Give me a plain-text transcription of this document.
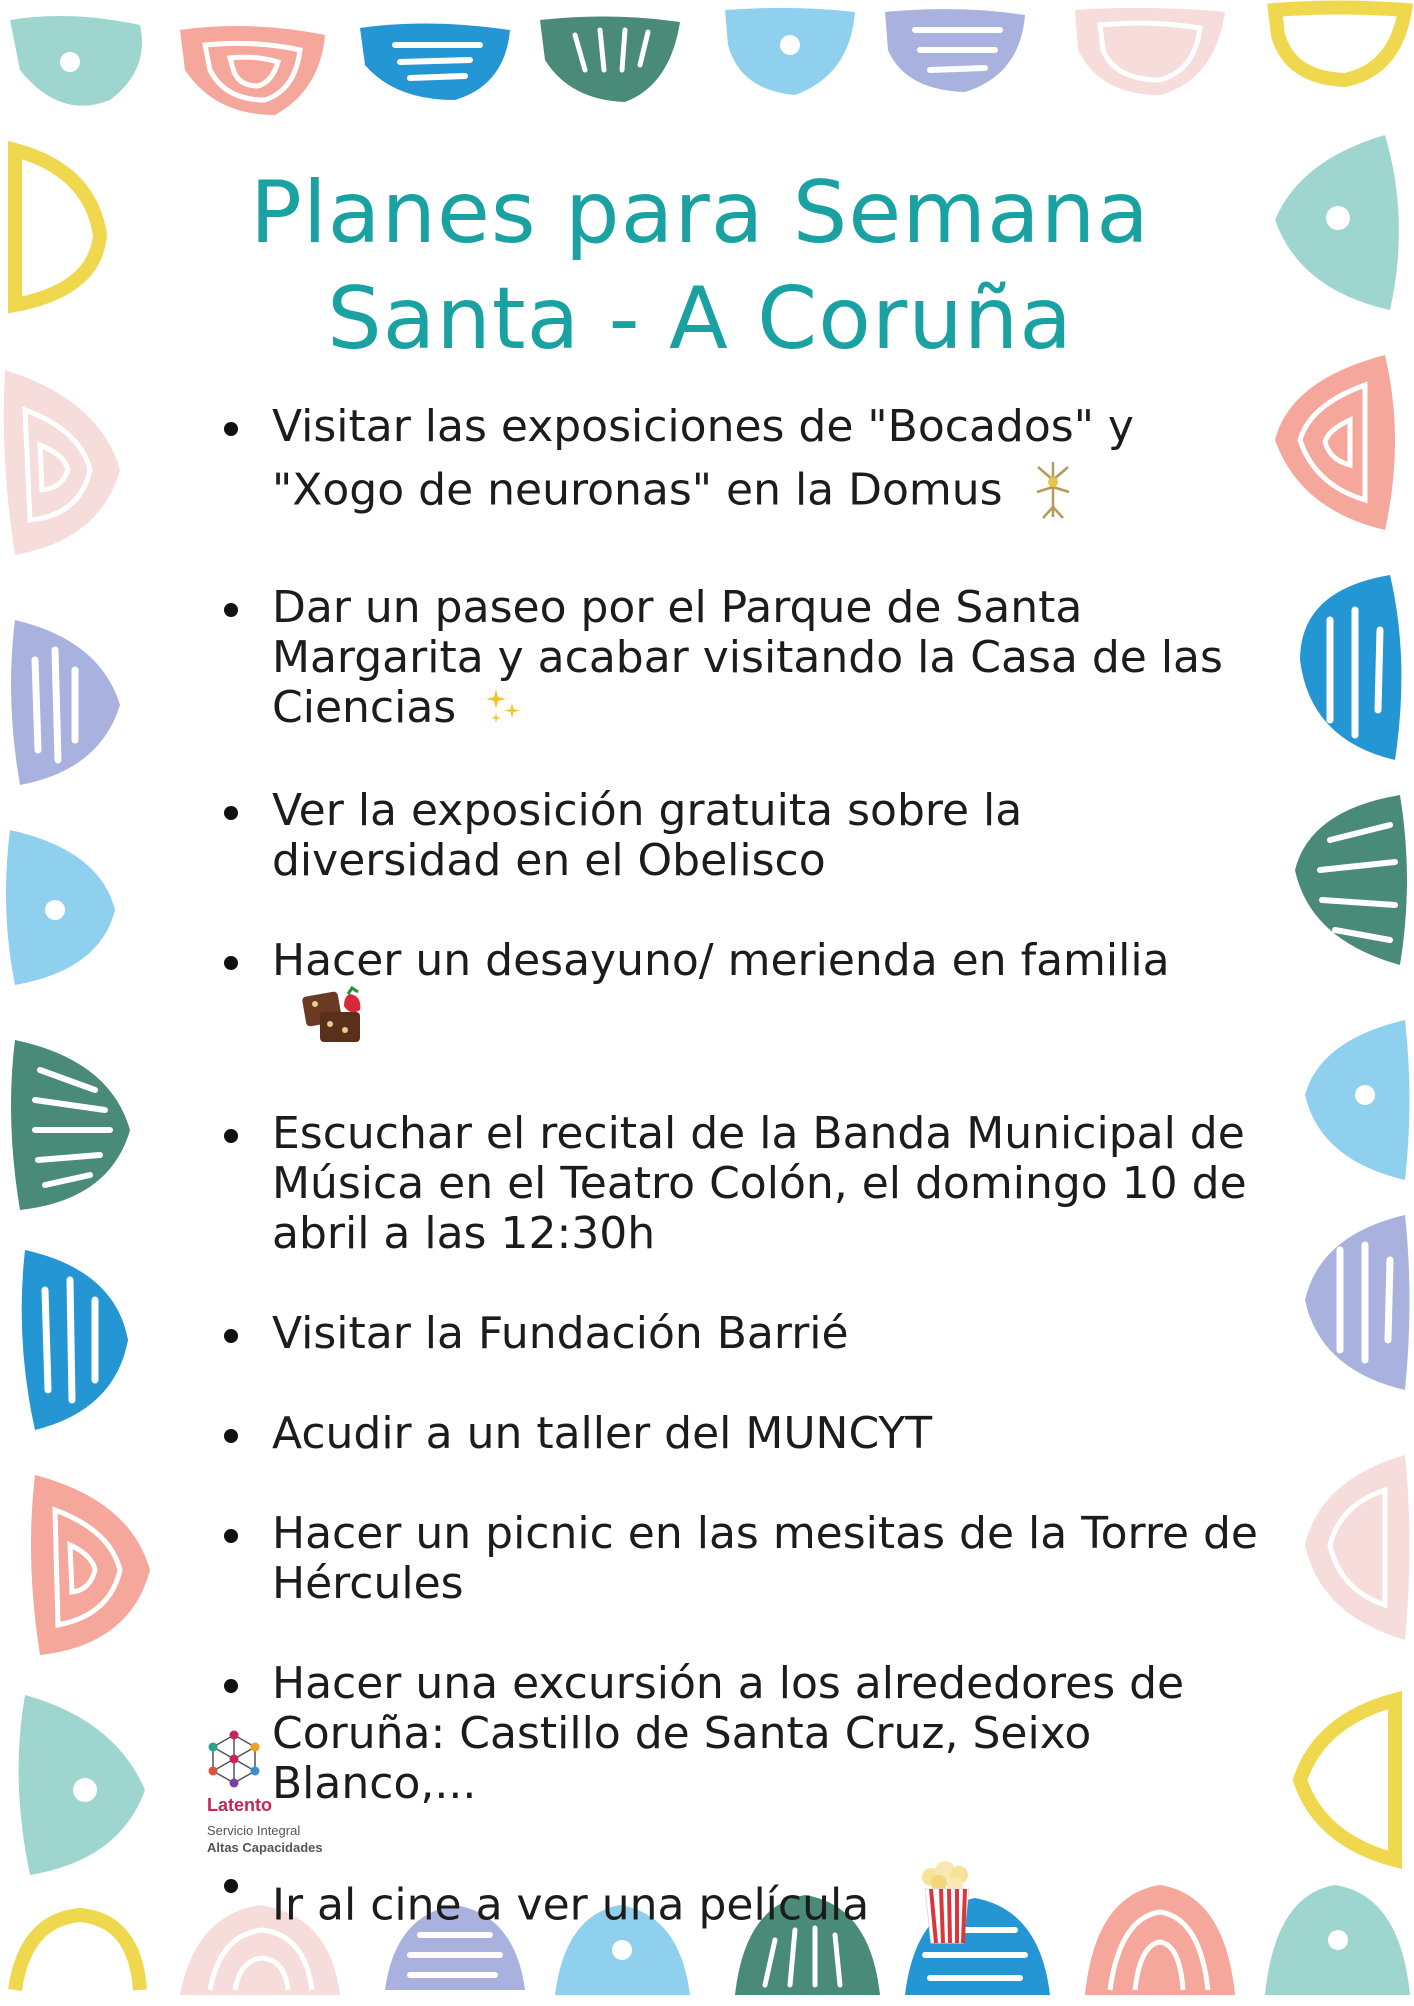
Planes para Semana Santa - A Coruña
Visitar las exposiciones de "Bocados" y "Xogo de neuronas" en la Domus
Dar un paseo por el Parque de Santa Margarita y acabar visitando la Casa de las Ciencias
Ver la exposición gratuita sobre la diversidad en el Obelisco
Hacer un desayuno/ merienda en familia
Escuchar el recital de la Banda Municipal de Música en el Teatro Colón, el domingo 10 de abril a las 12:30h
Visitar la Fundación Barrié
Acudir a un taller del MUNCYT
Hacer un picnic en las mesitas de la Torre de Hércules
Hacer una excursión a los alrededores de Coruña: Castillo de Santa Cruz, Seixo Blanco,...
Ir al cine a ver una película
Latento
Servicio Integral
Altas Capacidades
